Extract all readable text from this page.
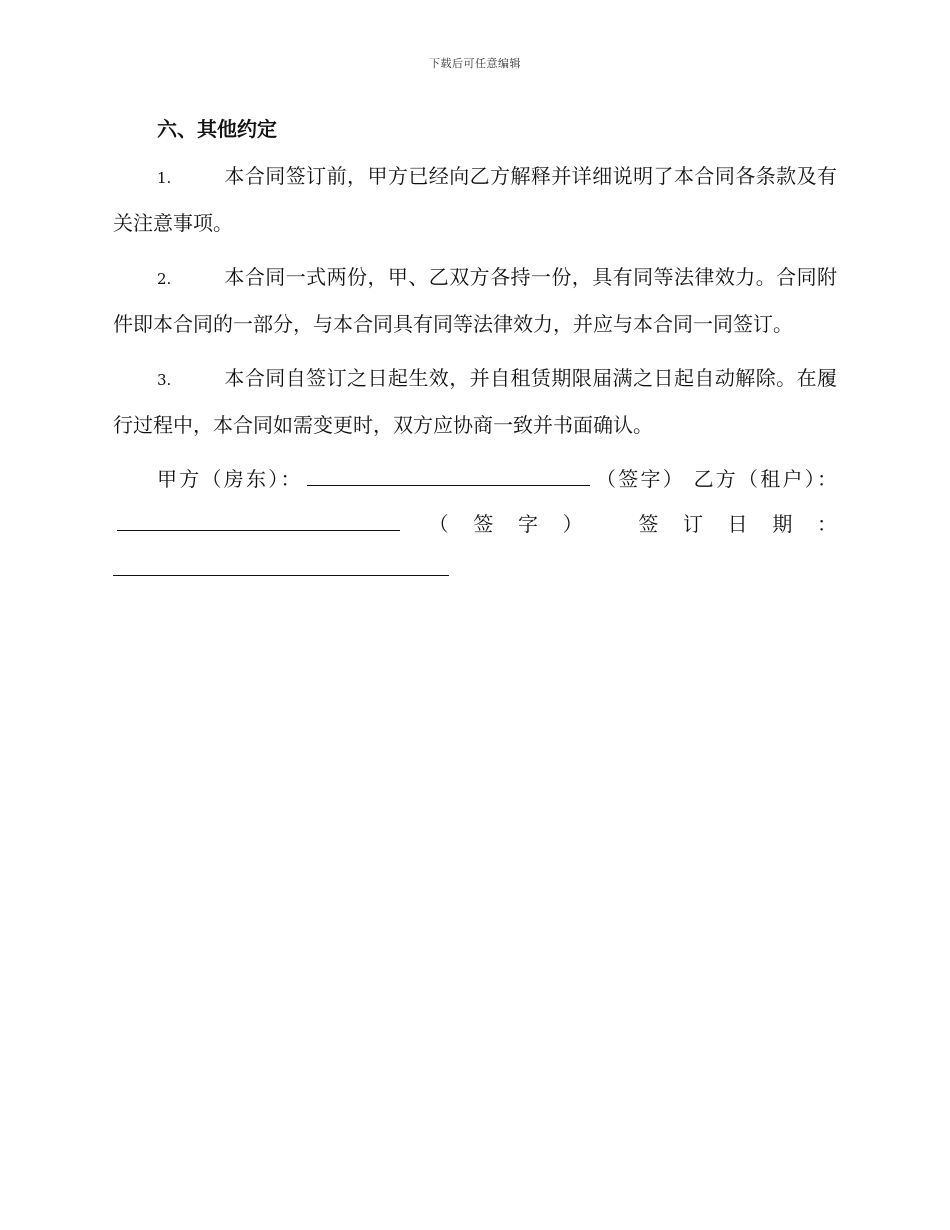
下载后可任意编辑
六、其他约定

1.	本合同签订前，甲方已经向乙方解释并详细说明了本合同各条款及有关注意事项。

2.	本合同一式两份，甲、乙双方各持一份，具有同等法律效力。合同附件即本合同的一部分，与本合同具有同等法律效力，并应与本合同一同签订。

3.	本合同自签订之日起生效，并自租赁期限届满之日起自动解除。在履行过程中，本合同如需变更时，双方应协商一致并书面确认。

甲方（房东）：	（签字） 乙方（租户）： （签字） 签订日期：
